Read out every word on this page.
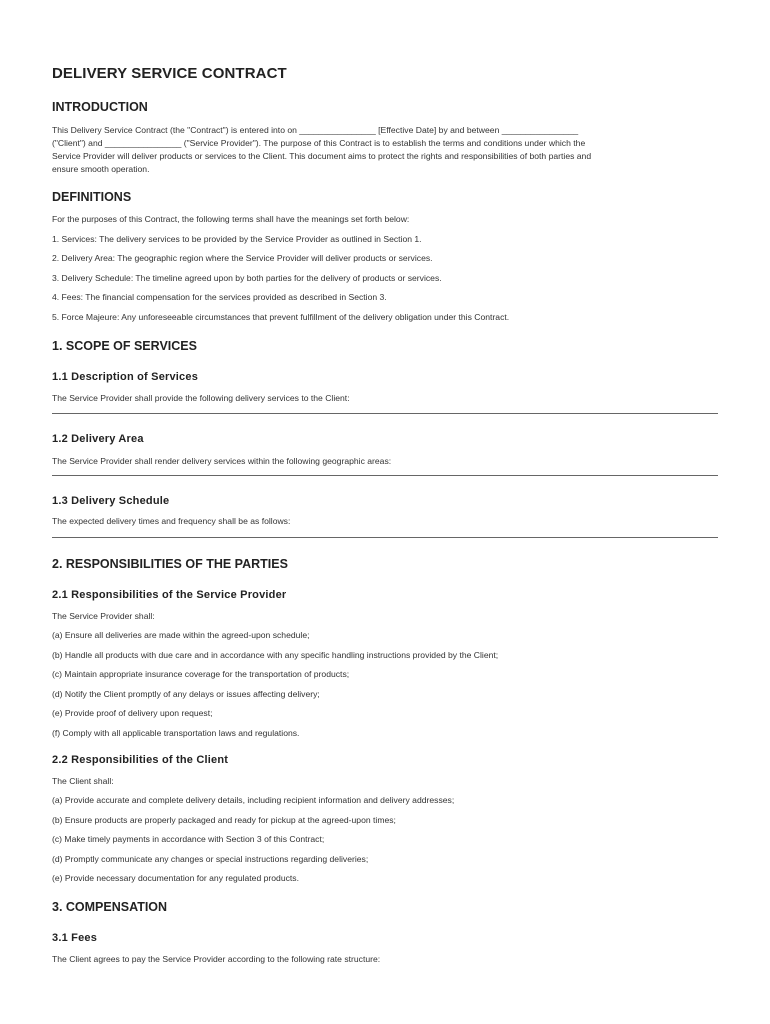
DELIVERY SERVICE CONTRACT
INTRODUCTION
This Delivery Service Contract (the "Contract") is entered into on ________________ [Effective Date] by and between ________________
("Client") and ________________ ("Service Provider"). The purpose of this Contract is to establish the terms and conditions under which the
Service Provider will deliver products or services to the Client. This document aims to protect the rights and responsibilities of both parties and
ensure smooth operation.
DEFINITIONS
For the purposes of this Contract, the following terms shall have the meanings set forth below:
1. Services: The delivery services to be provided by the Service Provider as outlined in Section 1.
2. Delivery Area: The geographic region where the Service Provider will deliver products or services.
3. Delivery Schedule: The timeline agreed upon by both parties for the delivery of products or services.
4. Fees: The financial compensation for the services provided as described in Section 3.
5. Force Majeure: Any unforeseeable circumstances that prevent fulfillment of the delivery obligation under this Contract.
1. SCOPE OF SERVICES
1.1 Description of Services
The Service Provider shall provide the following delivery services to the Client:
1.2 Delivery Area
The Service Provider shall render delivery services within the following geographic areas:
1.3 Delivery Schedule
The expected delivery times and frequency shall be as follows:
2. RESPONSIBILITIES OF THE PARTIES
2.1 Responsibilities of the Service Provider
The Service Provider shall:
(a) Ensure all deliveries are made within the agreed-upon schedule;
(b) Handle all products with due care and in accordance with any specific handling instructions provided by the Client;
(c) Maintain appropriate insurance coverage for the transportation of products;
(d) Notify the Client promptly of any delays or issues affecting delivery;
(e) Provide proof of delivery upon request;
(f) Comply with all applicable transportation laws and regulations.
2.2 Responsibilities of the Client
The Client shall:
(a) Provide accurate and complete delivery details, including recipient information and delivery addresses;
(b) Ensure products are properly packaged and ready for pickup at the agreed-upon times;
(c) Make timely payments in accordance with Section 3 of this Contract;
(d) Promptly communicate any changes or special instructions regarding deliveries;
(e) Provide necessary documentation for any regulated products.
3. COMPENSATION
3.1 Fees
The Client agrees to pay the Service Provider according to the following rate structure:
